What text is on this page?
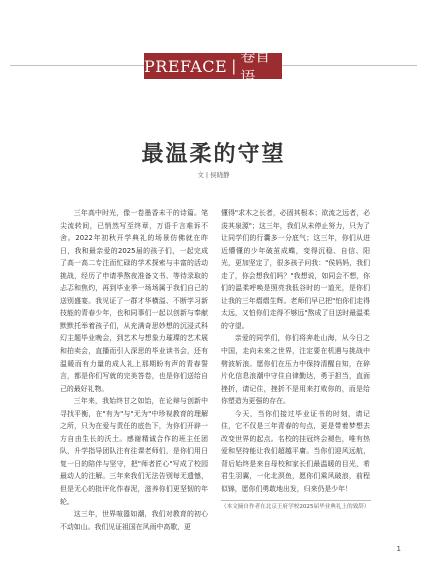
PREFACE |
卷首语
最温柔的守望
文 | 侯晓静

三年高中时光，像一卷墨香未干的诗篇。笔尖流转间，已悄然写至终章，万语千言难诉不舍。2022年初秋开学典礼的场景仿佛就在昨日，我和最亲爱的2025届的孩子们，一起完成了高一高二专注而忙碌的学术探索与丰富的活动挑战，经历了申请季熬夜准备文书、等待录取的忐忑和焦灼，再到毕业季一场场属于我们自己的送别盛宴。我见证了一群才华横溢、不断学习新技能的青春少年，也和同事们一起以创新与奉献默默托举着孩子们，从充满奇思妙想的沉浸式科幻主题毕业晚会，到艺术与想象力璀璨的艺术展和拍卖会，直播而引人深思的毕业读书会，还有温暖而有力量的成人礼上那期盼有声的青春誓言，都是你们写就的完美答卷，也是你们送给自己的最好礼物。

三年来，我始终甘之如饴，在论辩与创新中寻找平衡，在"有为"与"无为"中珍视教育的理解之所，只为在爱与责任的底色下，为你们开辟一方自由生长的沃土。感谢精诚合作的班主任团队，升学指导团队注有往课老师们，是你们用日复一日的陪伴与坚守，把"师者匠心"写成了校园最动人的注解。三年来我们无法告别每无遗憾，但是无心的批评化作春泥，滋养你们更坚韧的年轮。

这三年，世界喧嚣如潮，我们对教育的初心不动如山。我们见证祖国在风雨中高歌，更

懂得"求木之长者，必固其根本；欲流之远者，必浚其泉源"；这三年，我们从未停止努力，只为了让同学们的行囊多一分底气；这三年，你们从进近懵懂的少年破茧成蝶，变得沉稳、自信、阳光，更加坚定了，很多孩子问我："侯妈妈，我们走了，你会想我们吗？"我想说，如同会不想，你们的温柔呼唤是照亮我低谷时的一道光，是你们让我的三年熠熠生辉。老师们早已把"怕你们走得太远，又怕你们走得不够远"熬成了目送时最温柔的守望。

亲爱的同学们，你们将奔赴山海，从今日之中国，走向未来之世界，注定要在机遇与挑战中劈波斩浪。愿你们在压力中保持清醒自知，在碎片化信息浪潮中守住自律勤达，勇于担当，直面挫折，请记住，挫折不是用来打败你的，而是给你塑造为更强的存在。

今天，当你们接过毕业证书的时刻，请记住，它不仅是三年青春的句点，更是带着梦想去改变世界的起点。名校的挂冠终会褪色，唯有热爱和坚持能让我们超越平庸。当你们迎风远航，背后始终是来自母校和家长们最温暖的目光，希君生羽翼，一化北溟鱼，愿你们乘风破浪，前程似锦，愿你们勇敢地出发，归来仍是少年！

（本文摘自作者在北京王府学校2025届毕业典礼上的致辞）
1
